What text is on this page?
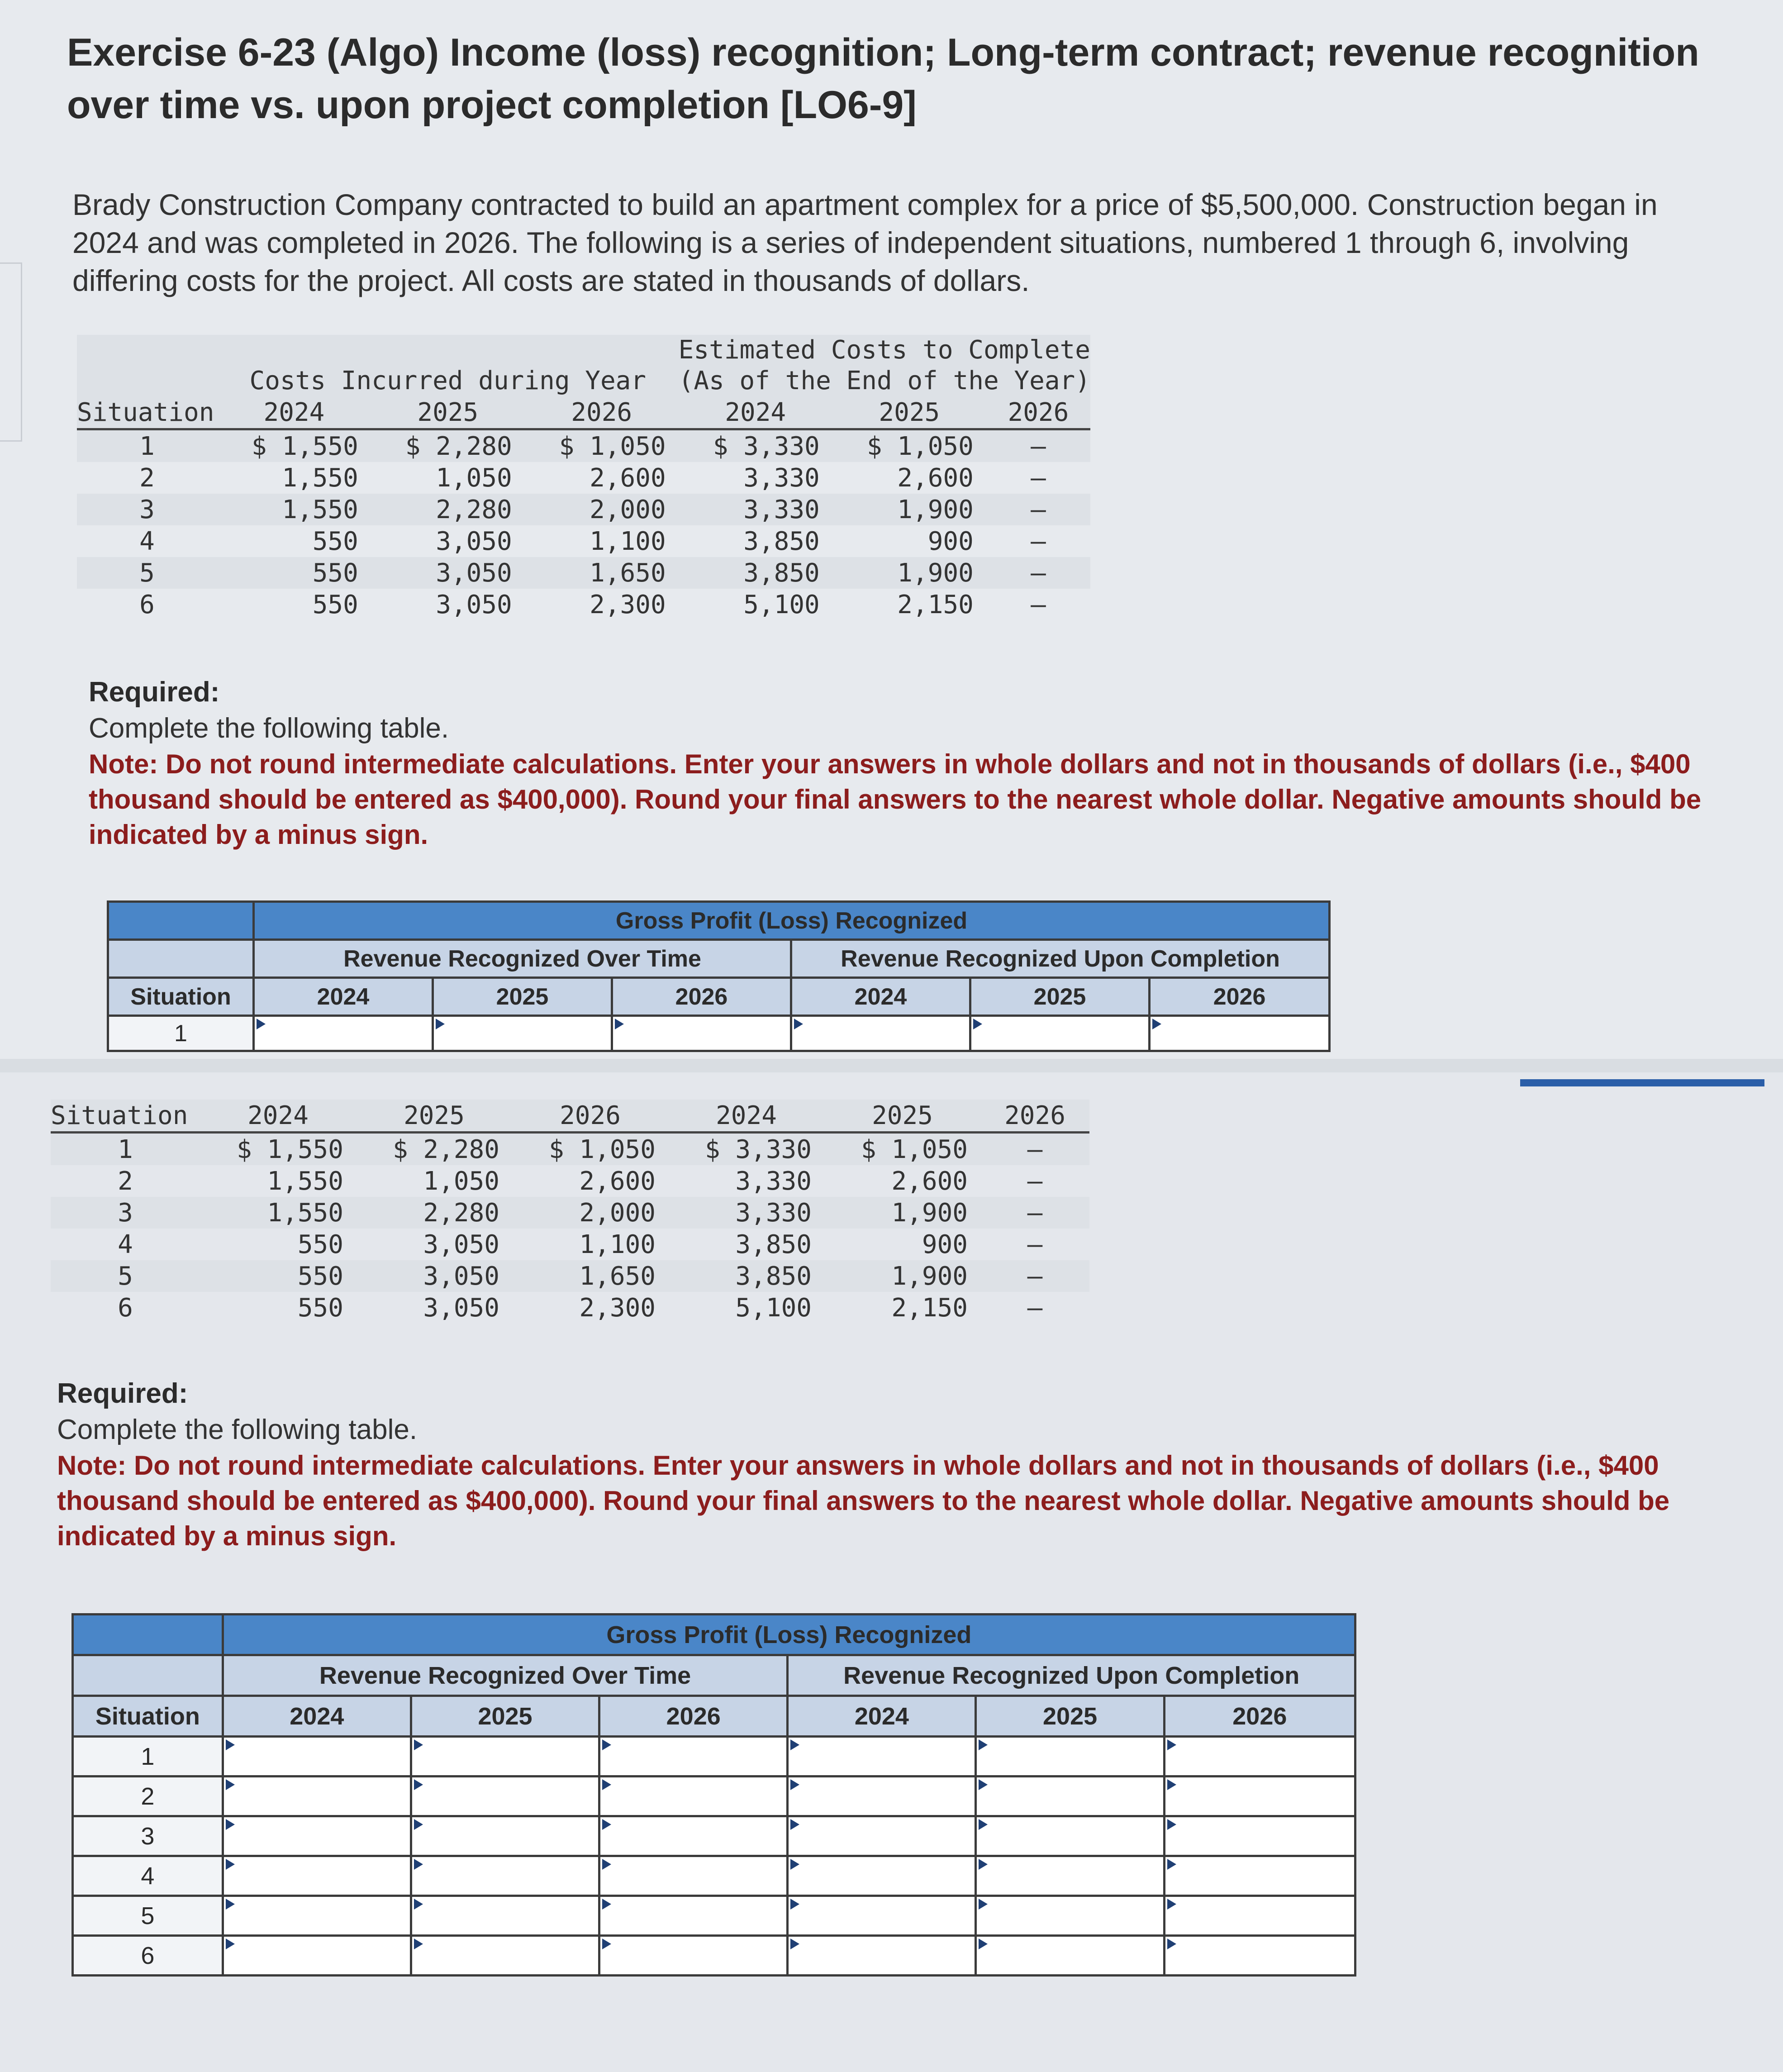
Exercise 6-23 (Algo) Income (loss) recognition; Long-term contract; revenue recognition over time vs. upon project completion [LO6-9]

Brady Construction Company contracted to build an apartment complex for a price of $5,500,000. Construction began in 2024 and was completed in 2026. The following is a series of independent situations, numbered 1 through 6, involving differing costs for the project. All costs are stated in thousands of dollars.

	Costs Incurred during Year			Estimated Costs to Complete
(As of the End of the Year)		

Situation	2024	2025	2026	2024	2025	2026
1	$ 1,550	$ 2,280	$ 1,050	$ 3,330	$ 1,050	–
2	1,550	1,050	2,600	3,330	2,600	–
3	1,550	2,280	2,000	3,330	1,900	–
4	550	3,050	1,100	3,850	900	–
5	550	3,050	1,650	3,850	1,900	–
6	550	3,050	2,300	5,100	2,150	–
Situation	2024	2025	2026	2024	2025	2026
1	$ 1,550	$ 2,280	$ 1,050	$ 3,330	$ 1,050	–
2	1,550	1,050	2,600	3,330	2,600	–
3	1,550	2,280	2,000	3,330	1,900	–
4	550	3,050	1,100	3,850	900	–
5	550	3,050	1,650	3,850	1,900	–
6	550	3,050	2,300	5,100	2,150	–

Required:

Complete the following table.

Note: Do not round intermediate calculations. Enter your answers in whole dollars and not in thousands of dollars (i.e., $400 thousand should be entered as $400,000). Round your final answers to the nearest whole dollar. Negative amounts should be indicated by a minus sign.

Required:

Complete the following table.

Note: Do not round intermediate calculations. Enter your answers in whole dollars and not in thousands of dollars (i.e., $400 thousand should be entered as $400,000). Round your final answers to the nearest whole dollar. Negative amounts should be indicated by a minus sign.

	Gross Profit (Loss) Recognized					
	Revenue Recognized Over Time			Revenue Recognized Upon Completion		
Situation	2024	2025	2026	2024	2025	2026
1						
	Gross Profit (Loss) Recognized					
	Revenue Recognized Over Time			Revenue Recognized Upon Completion		
Situation	2024	2025	2026	2024	2025	2026
1						
2						
3						
4						
5						
6						
